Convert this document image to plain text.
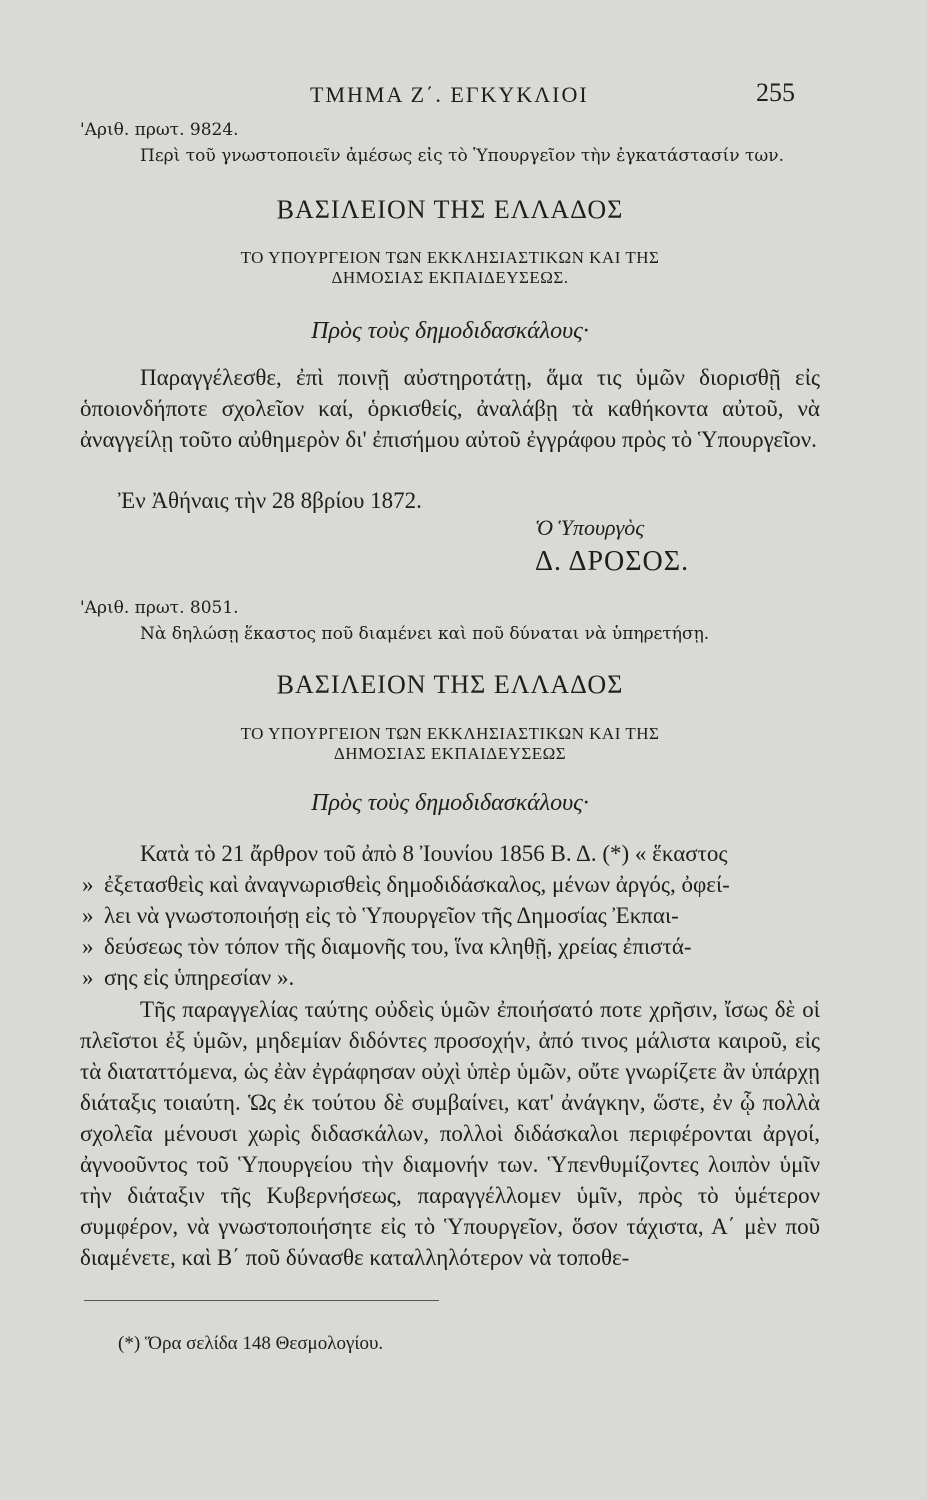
ΤΜΗΜΑ Ζ΄. ΕΓΚΥΚΛΙΟΙ	255

'Αριθ. πρωτ. 9824.

Περὶ τοῦ γνωστοποιεῖν ἀμέσως εἰς τὸ Ὑπουργεῖον τὴν ἐγκατάστασίν των.

ΒΑΣΙΛΕΙΟΝ ΤΗΣ ΕΛΛΑΔΟΣ

ΤΟ ΥΠΟΥΡΓΕΙΟΝ ΤΩΝ ΕΚΚΛΗΣΙΑΣΤΙΚΩΝ ΚΑΙ ΤΗΣ

ΔΗΜΟΣΙΑΣ ΕΚΠΑΙΔΕΥΣΕΩΣ.

Πρὸς τοὺς δημοδιδασκάλους·

Παραγγέλεσθε, ἐπὶ ποινῇ αὐστηροτάτῃ, ἅμα τις ὑμῶν διορισθῇ εἰς ὁποιονδήποτε σχολεῖον καί, ὁρκισθείς, ἀναλάβῃ τὰ καθήκοντα αὐτοῦ, νὰ ἀναγγείλῃ τοῦτο αὐθημερὸν δι' ἐπισήμου αὐτοῦ ἐγγράφου πρὸς τὸ Ὑπουργεῖον.

Ἐν Ἀθήναις τὴν 28 8βρίου 1872.

Ὁ Ὑπουργὸς
Δ. ΔΡΟΣΟΣ.

'Αριθ. πρωτ. 8051.

Νὰ δηλώσῃ ἕκαστος ποῦ διαμένει καὶ ποῦ δύναται νὰ ὑπηρετήσῃ.

ΒΑΣΙΛΕΙΟΝ ΤΗΣ ΕΛΛΑΔΟΣ

ΤΟ ΥΠΟΥΡΓΕΙΟΝ ΤΩΝ ΕΚΚΛΗΣΙΑΣΤΙΚΩΝ ΚΑΙ ΤΗΣ

ΔΗΜΟΣΙΑΣ ΕΚΠΑΙΔΕΥΣΕΩΣ

Πρὸς τοὺς δημοδιδασκάλους·

Κατὰ τὸ 21 ἄρθρον τοῦ ἀπὸ 8 Ἰουνίου 1856 Β. Δ. (*) « ἕκαστος

» ἐξετασθεὶς καὶ ἀναγνωρισθεὶς δημοδιδάσκαλος, μένων ἀργός, ὀφεί-

» λει νὰ γνωστοποιήσῃ εἰς τὸ Ὑπουργεῖον τῆς Δημοσίας Ἐκπαι-

» δεύσεως τὸν τόπον τῆς διαμονῆς του, ἵνα κληθῇ, χρείας ἐπιστά-

» σης εἰς ὑπηρεσίαν ».

Τῆς παραγγελίας ταύτης οὐδεὶς ὑμῶν ἐποιήσατό ποτε χρῆσιν, ἴσως δὲ οἱ πλεῖστοι ἐξ ὑμῶν, μηδεμίαν διδόντες προσοχήν, ἀπό τινος μάλιστα καιροῦ, εἰς τὰ διαταττόμενα, ὡς ἐὰν ἐγράφησαν οὐχὶ ὑπὲρ ὑμῶν, οὔτε γνωρίζετε ἂν ὑπάρχῃ διάταξις τοιαύτη. Ὡς ἐκ τούτου δὲ συμβαίνει, κατ' ἀνάγκην, ὥστε, ἐν ᾧ πολλὰ σχολεῖα μένουσι χωρὶς διδασκάλων, πολλοὶ διδάσκαλοι περιφέρονται ἀργοί, ἀγνοοῦντος τοῦ Ὑπουργείου τὴν διαμονήν των. Ὑπενθυμίζοντες λοιπὸν ὑμῖν τὴν διάταξιν τῆς Κυβερνήσεως, παραγγέλλομεν ὑμῖν, πρὸς τὸ ὑμέτερον συμφέρον, νὰ γνωστοποιήσητε εἰς τὸ Ὑπουργεῖον, ὅσον τάχιστα, Α΄ μὲν ποῦ διαμένετε, καὶ Β΄ ποῦ δύνασθε καταλληλότερον νὰ τοποθε-

(*) Ὅρα σελίδα 148 Θεσμολογίου.
